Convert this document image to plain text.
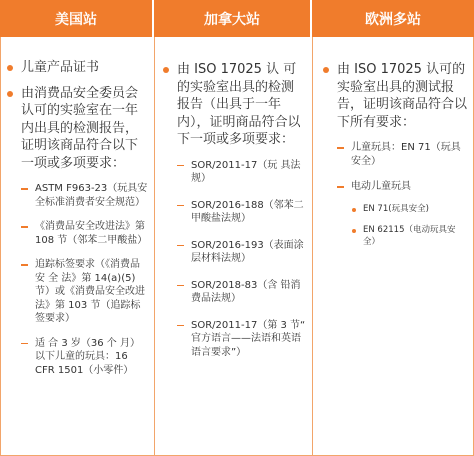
美国站	加拿大站	欧洲多站
儿童产品证书
由消费品安全委员会认可的实验室在一年内出具的检测报告，证明该商品符合以下一项或多项要求：
ASTM F963-23（玩具安全标准消费者安全规范）
《消费品安全改进法》第 108 节（邻苯二甲酸盐）
追踪标签要求（《消费品 安 全 法》第 14(a)(5) 节）或《消费品安全改进法》第 103 节（追踪标签要求）
适 合 3 岁（36 个 月）以下儿童的玩具：16 CFR 1501（小零件）
由 ISO 17025 认 可 的实验室出具的检测报告（出具于一年内），证明商品符合以下一项或多项要求：
SOR/2011-17（玩 具法规）
SOR/2016-188（邻苯二甲酸盐法规）
SOR/2016-193（表面涂层材料法规）
SOR/2018-83（含 铅消费品法规）
SOR/2011-17（第 3 节“ 官方语言——法语和英语语言要求”）
由 ISO 17025 认可的实验室出具的测试报告，证明该商品符合以下所有要求：
儿童玩具：EN 71（玩具安全）
电动儿童玩具
EN 71(玩具安全)
EN 62115（电动玩具安全）
